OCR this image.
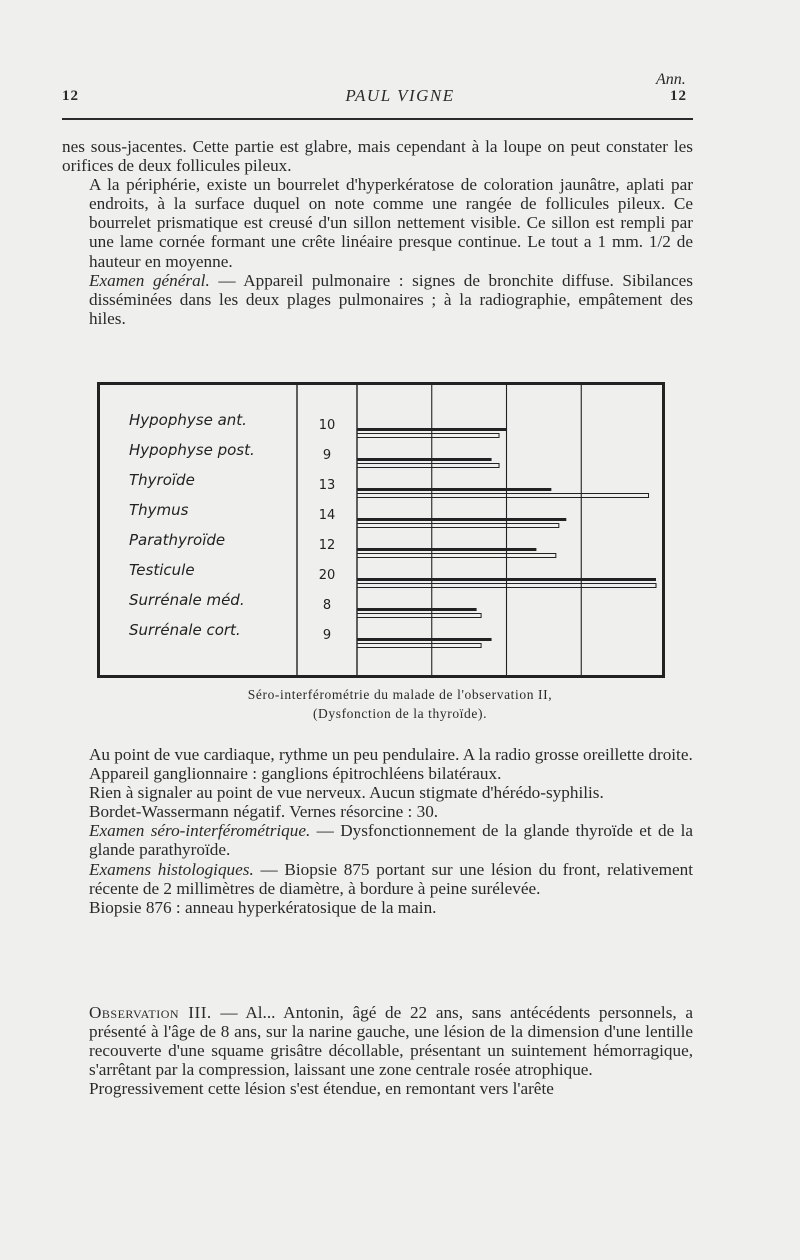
Ann.
12	PAUL VIGNE	12

nes sous-jacentes. Cette partie est glabre, mais cependant à la loupe on peut constater les orifices de deux follicules pileux.

A la périphérie, existe un bourrelet d'hyperkératose de coloration jaunâtre, aplati par endroits, à la surface duquel on note comme une rangée de follicules pileux. Ce bourrelet prismatique est creusé d'un sillon nettement visible. Ce sillon est rempli par une lame cornée formant une crête linéaire presque continue. Le tout a 1 mm. 1/2 de hauteur en moyenne.

Examen général. — Appareil pulmonaire : signes de bronchite diffuse. Sibilances disséminées dans les deux plages pulmonaires ; à la radiographie, empâtement des hiles.

Hypophyse ant.
Hypophyse post.
Thyroïde
Thymus
Parathyroïde
Testicule
Surrénale méd.
Surrénale cort.
10
9
13
14
12
20
8
9
Séro-interférométrie du malade de l'observation II,
(Dysfonction de la thyroïde).

Au point de vue cardiaque, rythme un peu pendulaire. A la radio grosse oreillette droite.

Appareil ganglionnaire : ganglions épitrochléens bilatéraux.

Rien à signaler au point de vue nerveux. Aucun stigmate d'hérédo-syphilis.

Bordet-Wassermann négatif. Vernes résorcine : 30.

Examen séro-interférométrique. — Dysfonctionnement de la glande thyroïde et de la glande parathyroïde.

Examens histologiques. — Biopsie 875 portant sur une lésion du front, relativement récente de 2 millimètres de diamètre, à bordure à peine surélevée.

Biopsie 876 : anneau hyperkératosique de la main.

Observation III. — Al... Antonin, âgé de 22 ans, sans antécédents personnels, a présenté à l'âge de 8 ans, sur la narine gauche, une lésion de la dimension d'une lentille recouverte d'une squame grisâtre décollable, présentant un suintement hémorragique, s'arrêtant par la compression, laissant une zone centrale rosée atrophique.

Progressivement cette lésion s'est étendue, en remontant vers l'arête
